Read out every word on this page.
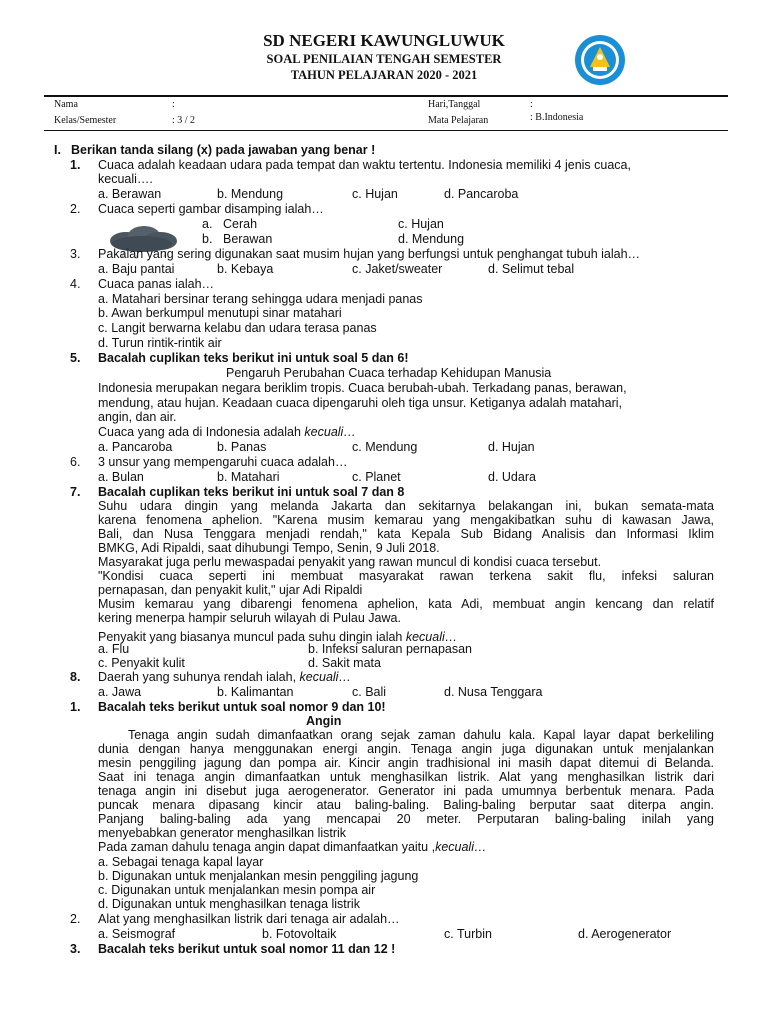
SD NEGERI KAWUNGLUWUK
SOAL PENILAIAN TENGAH SEMESTER
TAHUN PELAJARAN 2020 - 2021
Nama	:
Kelas/Semester	: 3 / 2
Hari,Tanggal	:
Mata Pelajaran	: B.Indonesia
I. Berikan tanda silang (x) pada jawaban yang benar !
1. Cuaca adalah keadaan udara pada tempat dan waktu tertentu. Indonesia memiliki 4 jenis cuaca,
kecuali….
a. Berawan	b. Mendung	c. Hujan	d. Pancaroba
2. Cuaca seperti gambar disamping ialah…
a. Cerah	c. Hujan
b. Berawan	d. Mendung
3. Pakaian yang sering digunakan saat musim hujan yang berfungsi untuk penghangat tubuh ialah…
a. Baju pantai	b. Kebaya	c. Jaket/sweater	d. Selimut tebal
4. Cuaca panas ialah…
a. Matahari bersinar terang sehingga udara menjadi panas
b. Awan berkumpul menutupi sinar matahari
c. Langit berwarna kelabu dan udara terasa panas
d. Turun rintik-rintik air
5. Bacalah cuplikan teks berikut ini untuk soal 5 dan 6!
Pengaruh Perubahan Cuaca terhadap Kehidupan Manusia
Indonesia merupakan negara beriklim tropis. Cuaca berubah-ubah. Terkadang panas, berawan,
mendung, atau hujan. Keadaan cuaca dipengaruhi oleh tiga unsur. Ketiganya adalah matahari,
angin, dan air.
Cuaca yang ada di Indonesia adalah kecuali…
a. Pancaroba	b. Panas	c. Mendung	d. Hujan
6. 3 unsur yang mempengaruhi cuaca adalah…
a. Bulan	b. Matahari	c. Planet	d. Udara
7. Bacalah cuplikan teks berikut ini untuk soal 7 dan 8
Suhu udara dingin yang melanda Jakarta dan sekitarnya belakangan ini, bukan semata-mata
karena fenomena aphelion. "Karena musim kemarau yang mengakibatkan suhu di kawasan Jawa,
Bali, dan Nusa Tenggara menjadi rendah," kata Kepala Sub Bidang Analisis dan Informasi Iklim
BMKG, Adi Ripaldi, saat dihubungi Tempo, Senin, 9 Juli 2018.
Masyarakat juga perlu mewaspadai penyakit yang rawan muncul di kondisi cuaca tersebut.
"Kondisi cuaca seperti ini membuat masyarakat rawan terkena sakit flu, infeksi saluran
pernapasan, dan penyakit kulit," ujar Adi Ripaldi
Musim kemarau yang dibarengi fenomena aphelion, kata Adi, membuat angin kencang dan relatif
kering menerpa hampir seluruh wilayah di Pulau Jawa.
Penyakit yang biasanya muncul pada suhu dingin ialah kecuali…
a. Flu	b. Infeksi saluran pernapasan
c. Penyakit kulit	d. Sakit mata
8. Daerah yang suhunya rendah ialah, kecuali…
a. Jawa	b. Kalimantan	c. Bali	d. Nusa Tenggara
1. Bacalah teks berikut untuk soal nomor 9 dan 10!
Angin
Tenaga angin sudah dimanfaatkan orang sejak zaman dahulu kala. Kapal layar dapat berkeliling
dunia dengan hanya menggunakan energi angin. Tenaga angin juga digunakan untuk menjalankan
mesin penggiling jagung dan pompa air. Kincir angin tradhisional ini masih dapat ditemui di Belanda.
Saat ini tenaga angin dimanfaatkan untuk menghasilkan listrik. Alat yang menghasilkan listrik dari
tenaga angin ini disebut juga aerogenerator. Generator ini pada umumnya berbentuk menara. Pada
puncak menara dipasang kincir atau baling-baling. Baling-baling berputar saat diterpa angin.
Panjang baling-baling ada yang mencapai 20 meter. Perputaran baling-baling inilah yang
menyebabkan generator menghasilkan listrik
Pada zaman dahulu tenaga angin dapat dimanfaatkan yaitu ,kecuali…
a. Sebagai tenaga kapal layar
b. Digunakan untuk menjalankan mesin penggiling jagung
c. Digunakan untuk menjalankan mesin pompa air
d. Digunakan untuk menghasilkan tenaga listrik
2. Alat yang menghasilkan listrik dari tenaga air adalah…
a. Seismograf	b. Fotovoltaik	c. Turbin	d. Aerogenerator
3. Bacalah teks berikut untuk soal nomor 11 dan 12 !
